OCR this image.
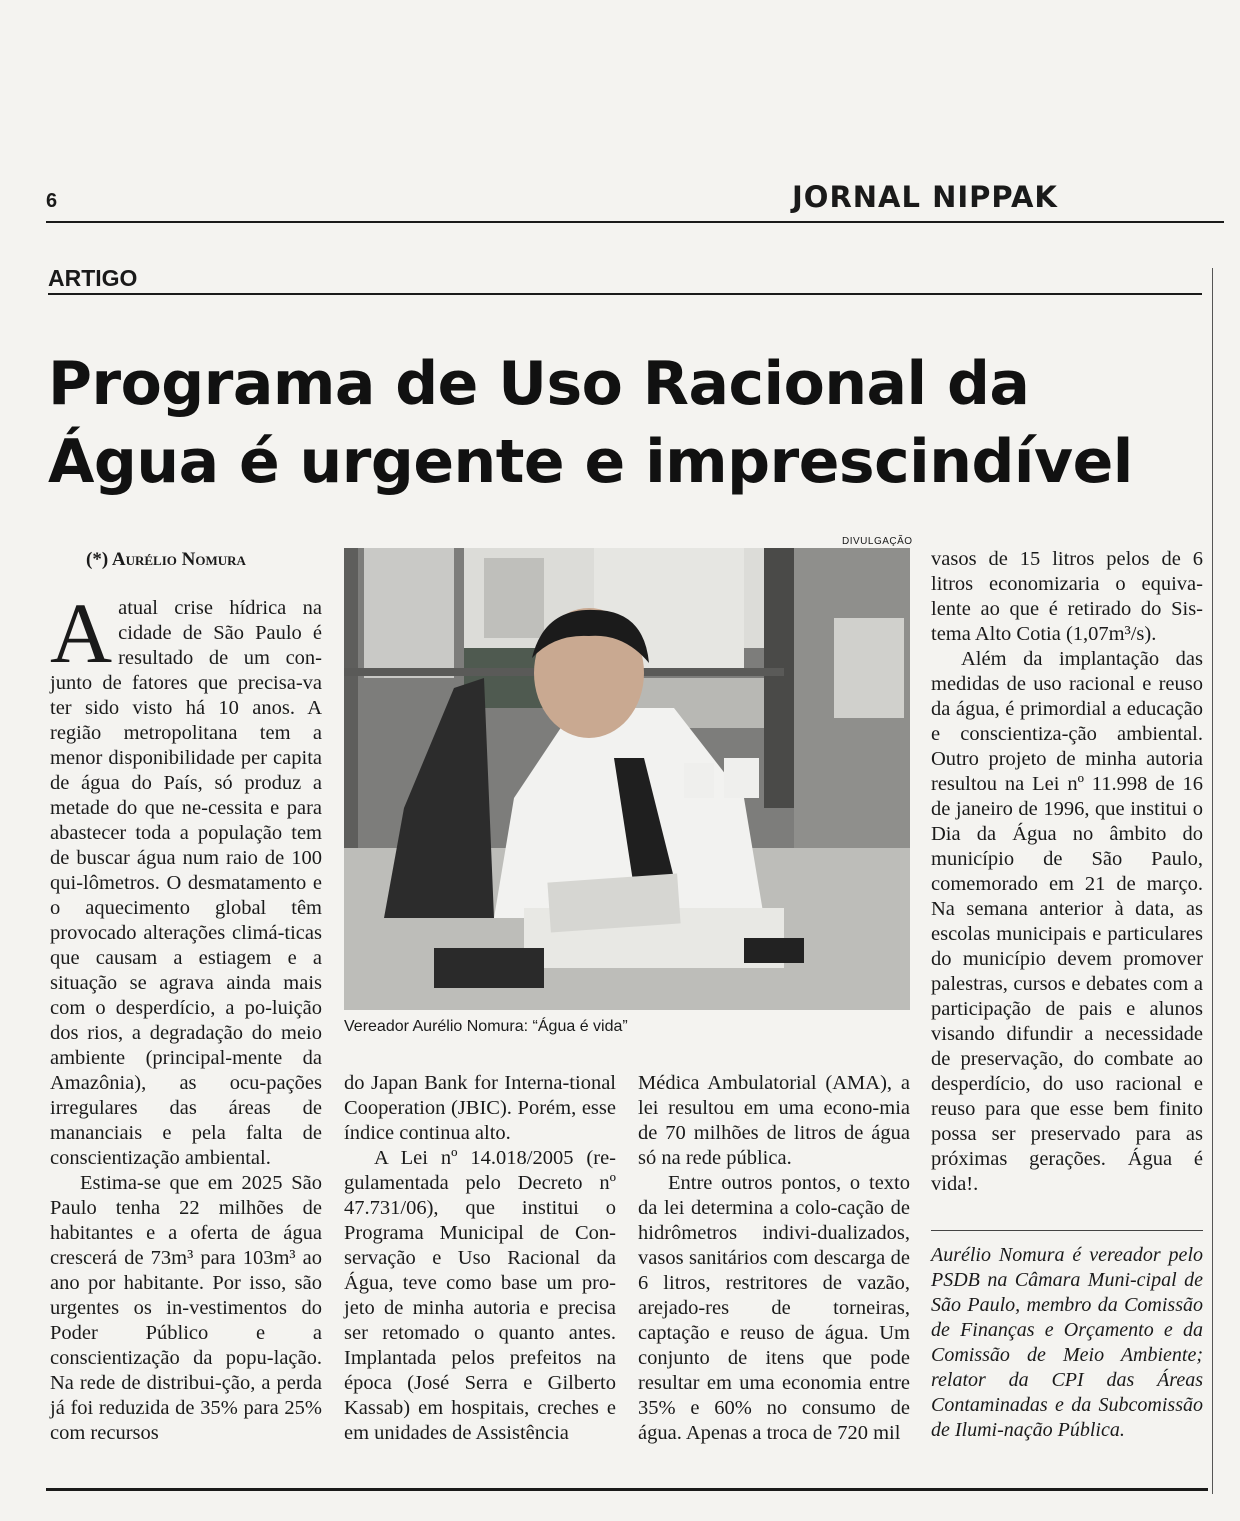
6	JORNAL NIPPAK
ARTIGO
Programa de Uso Racional da
Água é urgente e imprescindível
(*) Aurélio Nomura

Aatual crise hídrica na cidade de São Paulo é resultado de um con-junto de fatores que precisa-va ter sido visto há 10 anos. A região metropolitana tem a menor disponibilidade per capita de água do País, só produz a metade do que ne-cessita e para abastecer toda a população tem de buscar água num raio de 100 qui-lômetros. O desmatamento e o aquecimento global têm provocado alterações climá-ticas que causam a estiagem e a situação se agrava ainda mais com o desperdício, a po-luição dos rios, a degradação do meio ambiente (principal-mente da Amazônia), as ocu-pações irregulares das áreas de mananciais e pela falta de conscientização ambiental.

Estima-se que em 2025 São Paulo tenha 22 milhões de habitantes e a oferta de água crescerá de 73m³ para 103m³ ao ano por habitante. Por isso, são urgentes os in-vestimentos do Poder Público e a conscientização da popu-lação. Na rede de distribui-ção, a perda já foi reduzida de 35% para 25% com recursos

DIVULGAÇÃO
Vereador Aurélio Nomura: “Água é vida”

do Japan Bank for Interna-tional Cooperation (JBIC). Porém, esse índice continua alto.

A Lei nº 14.018/2005 (re-gulamentada pelo Decreto nº 47.731/06), que institui o Programa Municipal de Con-servação e Uso Racional da Água, teve como base um pro-jeto de minha autoria e precisa ser retomado o quanto antes. Implantada pelos prefeitos na época (José Serra e Gilberto Kassab) em hospitais, creches e em unidades de Assistência

Médica Ambulatorial (AMA), a lei resultou em uma econo-mia de 70 milhões de litros de água só na rede pública.

Entre outros pontos, o texto da lei determina a colo-cação de hidrômetros indivi-dualizados, vasos sanitários com descarga de 6 litros, restritores de vazão, arejado-res de torneiras, captação e reuso de água. Um conjunto de itens que pode resultar em uma economia entre 35% e 60% no consumo de água. Apenas a troca de 720 mil

vasos de 15 litros pelos de 6 litros economizaria o equiva-lente ao que é retirado do Sis-tema Alto Cotia (1,07m³/s).

Além da implantação das medidas de uso racional e reuso da água, é primordial a educação e conscientiza-ção ambiental. Outro projeto de minha autoria resultou na Lei nº 11.998 de 16 de janeiro de 1996, que institui o Dia da Água no âmbito do município de São Paulo, comemorado em 21 de março. Na semana anterior à data, as escolas municipais e particulares do município devem promover palestras, cursos e debates com a participação de pais e alunos visando difundir a necessidade de preservação, do combate ao desperdício, do uso racional e reuso para que esse bem finito possa ser preservado para as próximas gerações. Água é vida!.

Aurélio Nomura é vereador pelo PSDB na Câmara Muni-cipal de São Paulo, membro da Comissão de Finanças e Orçamento e da Comissão de Meio Ambiente; relator da CPI das Áreas Contaminadas e da Subcomissão de Ilumi-nação Pública.
